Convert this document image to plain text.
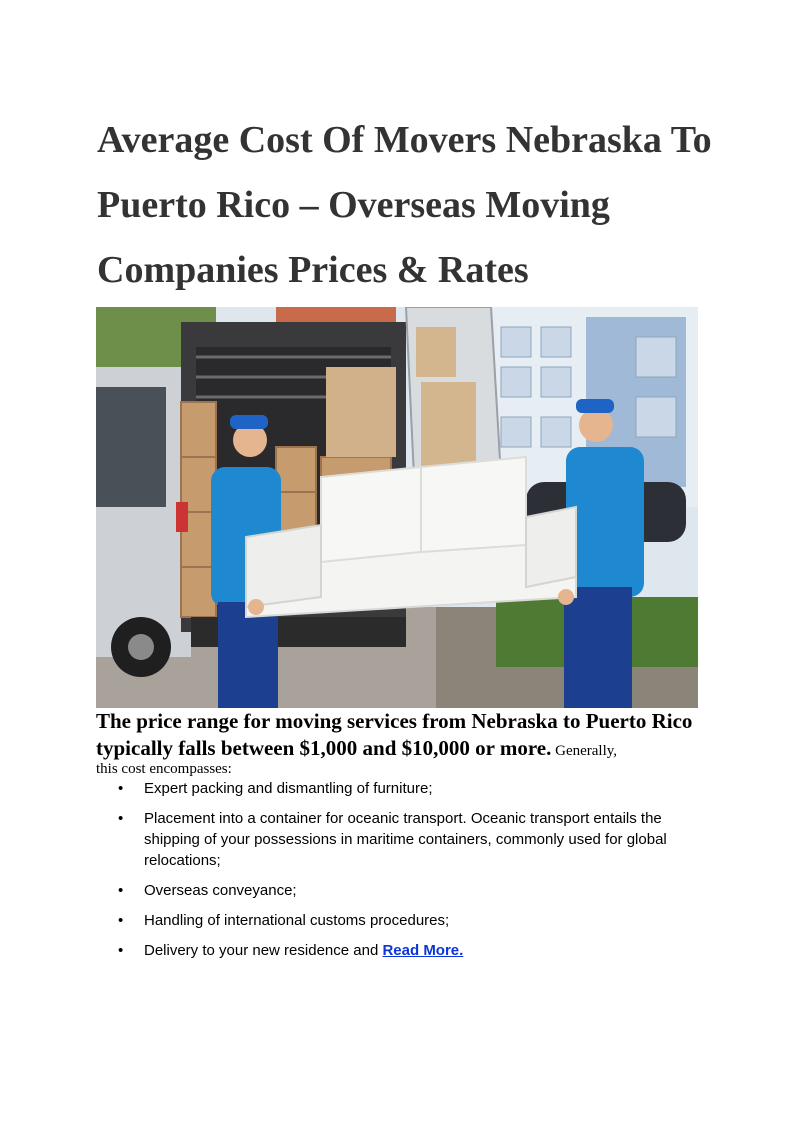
Average Cost Of Movers Nebraska To Puerto Rico – Overseas Moving Companies Prices & Rates

The price range for moving services from Nebraska to Puerto Rico typically falls between $1,000 and $10,000 or more. Generally,

this cost encompasses:

• Expert packing and dismantling of furniture;
• Placement into a container for oceanic transport. Oceanic transport entails the shipping of your possessions in maritime containers, commonly used for global relocations;
• Overseas conveyance;
• Handling of international customs procedures;
• Delivery to your new residence and Read More.
